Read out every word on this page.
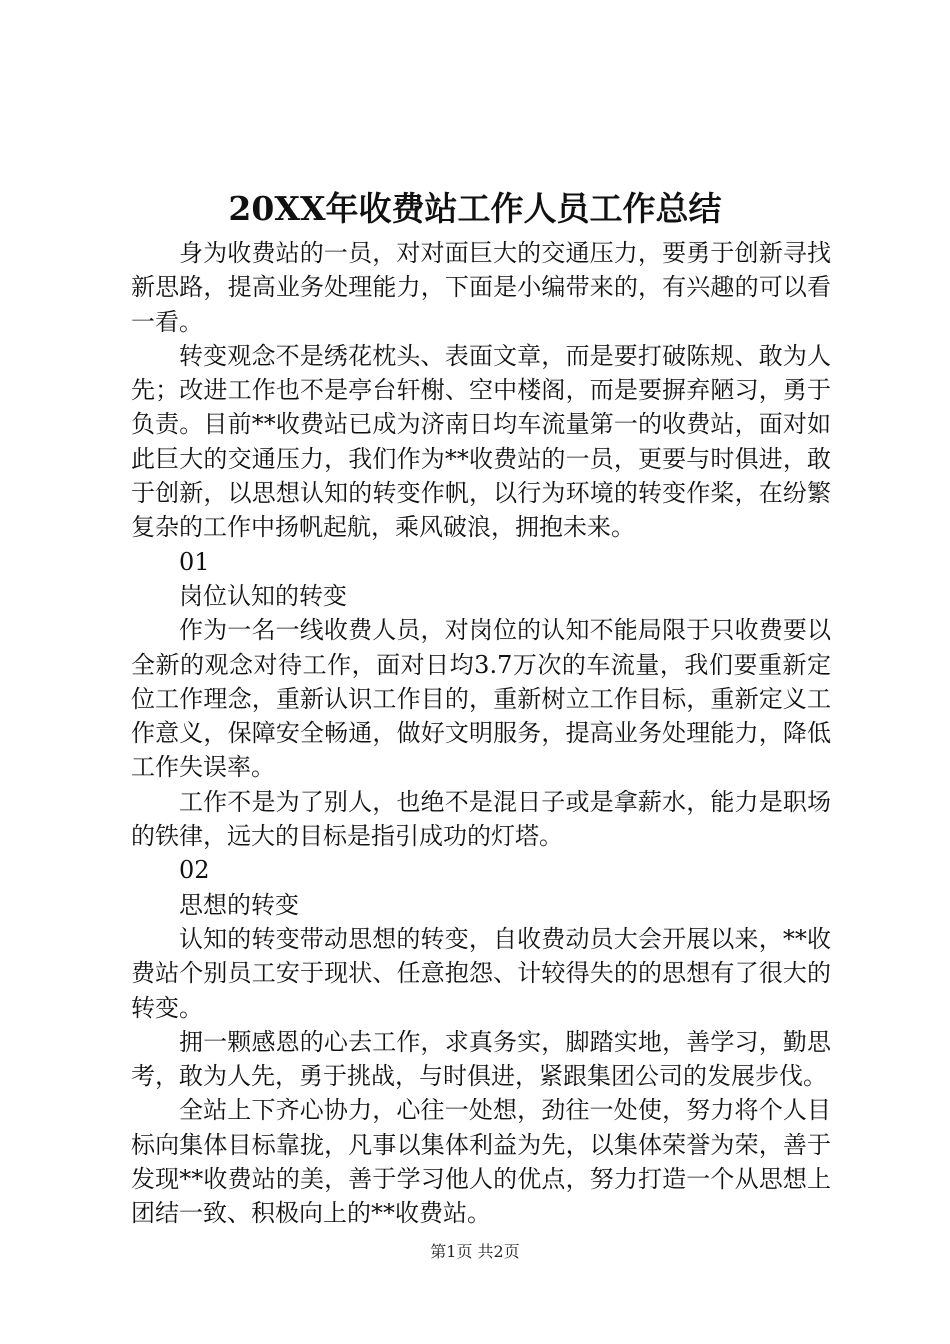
20XX年收费站工作人员工作总结

身为收费站的一员，对对面巨大的交通压力，要勇于创新寻找新思路，提高业务处理能力，下面是小编带来的，有兴趣的可以看一看。

转变观念不是绣花枕头、表面文章，而是要打破陈规、敢为人先；改进工作也不是亭台轩榭、空中楼阁，而是要摒弃陋习，勇于负责。目前**收费站已成为济南日均车流量第一的收费站，面对如此巨大的交通压力，我们作为**收费站的一员，更要与时俱进，敢于创新，以思想认知的转变作帆，以行为环境的转变作桨，在纷繁复杂的工作中扬帆起航，乘风破浪，拥抱未来。

01

岗位认知的转变

作为一名一线收费人员，对岗位的认知不能局限于只收费要以全新的观念对待工作，面对日均3.7万次的车流量，我们要重新定位工作理念，重新认识工作目的，重新树立工作目标，重新定义工作意义，保障安全畅通，做好文明服务，提高业务处理能力，降低工作失误率。

工作不是为了别人，也绝不是混日子或是拿薪水，能力是职场的铁律，远大的目标是指引成功的灯塔。

02

思想的转变

认知的转变带动思想的转变，自收费动员大会开展以来，**收费站个别员工安于现状、任意抱怨、计较得失的的思想有了很大的转变。

拥一颗感恩的心去工作，求真务实，脚踏实地，善学习，勤思考，敢为人先，勇于挑战，与时俱进，紧跟集团公司的发展步伐。

全站上下齐心协力，心往一处想，劲往一处使，努力将个人目标向集体目标靠拢，凡事以集体利益为先，以集体荣誉为荣，善于发现**收费站的美，善于学习他人的优点，努力打造一个从思想上团结一致、积极向上的**收费站。

第1页 共2页
